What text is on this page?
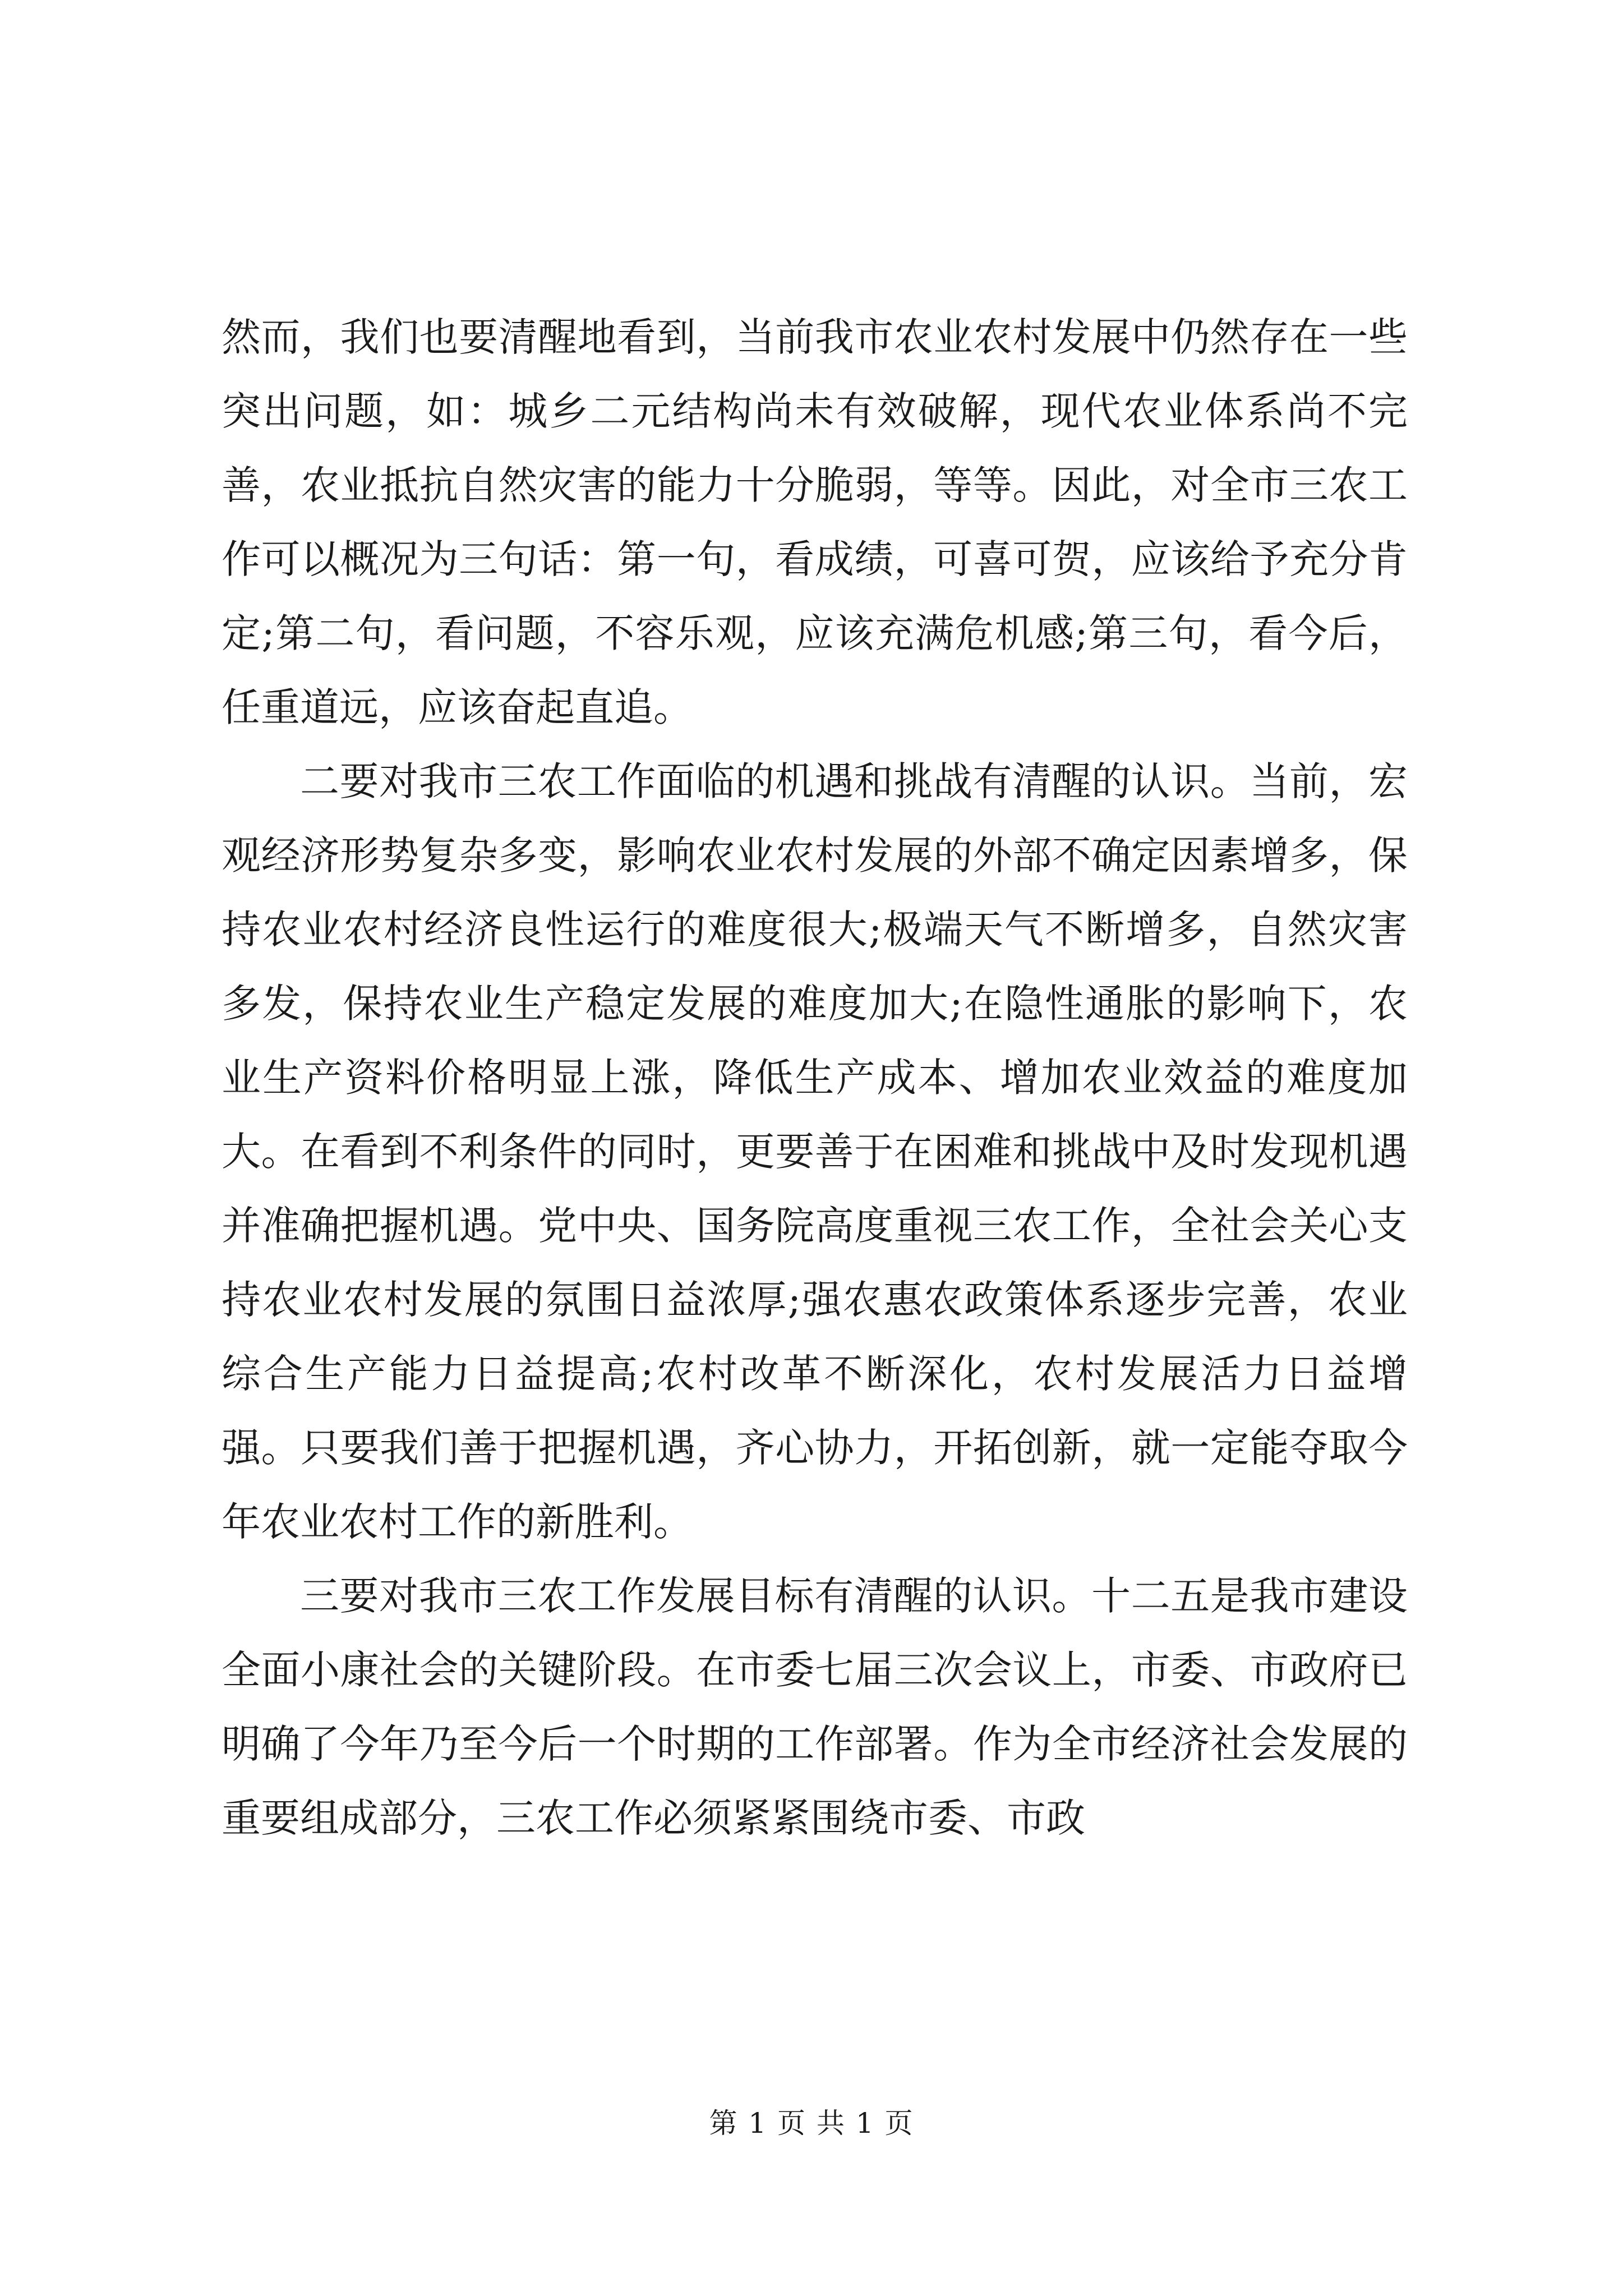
然而，我们也要清醒地看到，当前我市农业农村发展中仍然存在一些突出问题，如：城乡二元结构尚未有效破解，现代农业体系尚不完善，农业抵抗自然灾害的能力十分脆弱，等等。因此，对全市三农工作可以概况为三句话：第一句，看成绩，可喜可贺，应该给予充分肯定;第二句，看问题，不容乐观，应该充满危机感;第三句，看今后，任重道远，应该奋起直追。

二要对我市三农工作面临的机遇和挑战有清醒的认识。当前，宏观经济形势复杂多变，影响农业农村发展的外部不确定因素增多，保持农业农村经济良性运行的难度很大;极端天气不断增多，自然灾害多发，保持农业生产稳定发展的难度加大;在隐性通胀的影响下，农业生产资料价格明显上涨，降低生产成本、增加农业效益的难度加大。在看到不利条件的同时，更要善于在困难和挑战中及时发现机遇并准确把握机遇。党中央、国务院高度重视三农工作，全社会关心支持农业农村发展的氛围日益浓厚;强农惠农政策体系逐步完善，农业综合生产能力日益提高;农村改革不断深化，农村发展活力日益增强。只要我们善于把握机遇，齐心协力，开拓创新，就一定能夺取今年农业农村工作的新胜利。

三要对我市三农工作发展目标有清醒的认识。十二五是我市建设全面小康社会的关键阶段。在市委七届三次会议上，市委、市政府已明确了今年乃至今后一个时期的工作部署。作为全市经济社会发展的重要组成部分，三农工作必须紧紧围绕市委、市政

第 1 页 共 1 页
